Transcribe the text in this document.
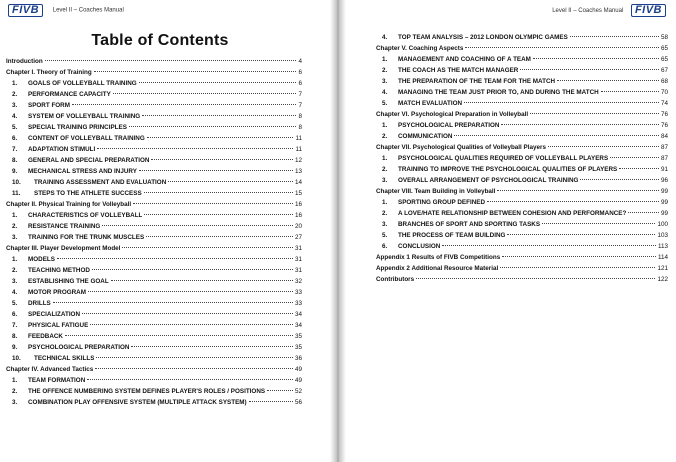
FIVB Level II – Coaches Manual
Table of Contents
Introduction	4
Chapter I. Theory of Training	6
1.	GOALS OF VOLLEYBALL TRAINING	6
2.	PERFORMANCE CAPACITY	7
3.	SPORT FORM	7
4.	SYSTEM OF VOLLEYBALL TRAINING	8
5.	SPECIAL TRAINING PRINCIPLES	8
6.	CONTENT OF VOLLEYBALL TRAINING	11
7.	ADAPTATION STIMULI	11
8.	GENERAL AND SPECIAL PREPARATION	12
9.	MECHANICAL STRESS AND INJURY	13
10.	TRAINING ASSESSMENT AND EVALUATION	14
11.	STEPS TO THE ATHLETE SUCCESS	15
Chapter II. Physical Training for Volleyball	16
1.	CHARACTERISTICS OF VOLLEYBALL	16
2.	RESISTANCE TRAINING	20
3.	TRAINING FOR THE TRUNK MUSCLES	27
Chapter III. Player Development Model	31
1.	MODELS	31
2.	TEACHING METHOD	31
3.	ESTABLISHING THE GOAL	32
4.	MOTOR PROGRAM	33
5.	DRILLS	33
6.	SPECIALIZATION	34
7.	PHYSICAL FATIGUE	34
8.	FEEDBACK	35
9.	PSYCHOLOGICAL PREPARATION	35
10.	TECHNICAL SKILLS	36
Chapter IV. Advanced Tactics	49
1.	TEAM FORMATION	49
2.	THE OFFENCE NUMBERING SYSTEM DEFINES PLAYER'S ROLES / POSITIONS	52
3.	COMBINATION PLAY OFFENSIVE SYSTEM (MULTIPLE ATTACK SYSTEM)	56
Level II – Coaches Manual FIVB
4.	TOP TEAM ANALYSIS – 2012 LONDON OLYMPIC GAMES	58
Chapter V. Coaching Aspects	65
1.	MANAGEMENT AND COACHING OF A TEAM	65
2.	THE COACH AS THE MATCH MANAGER	67
3.	THE PREPARATION OF THE TEAM FOR THE MATCH	68
4.	MANAGING THE TEAM JUST PRIOR TO, AND DURING THE MATCH	70
5.	MATCH EVALUATION	74
Chapter VI. Psychological Preparation in Volleyball	76
1.	PSYCHOLOGICAL PREPARATION	76
2.	COMMUNICATION	84
Chapter VII. Psychological Qualities of Volleyball Players	87
1.	PSYCHOLOGICAL QUALITIES REQUIRED OF VOLLEYBALL PLAYERS	87
2.	TRAINING TO IMPROVE THE PSYCHOLOGICAL QUALITIES OF PLAYERS	91
3.	OVERALL ARRANGEMENT OF PSYCHOLOGICAL TRAINING	96
Chapter VIII. Team Building in Volleyball	99
1.	SPORTING GROUP DEFINED	99
2.	A LOVE/HATE RELATIONSHIP BETWEEN COHESION AND PERFORMANCE?	99
3.	BRANCHES OF SPORT AND SPORTING TASKS	100
5.	THE PROCESS OF TEAM BUILDING	103
6.	CONCLUSION	113
Appendix 1 Results of FIVB Competitions	114
Appendix 2 Additional Resource Material	121
Contributors	122
